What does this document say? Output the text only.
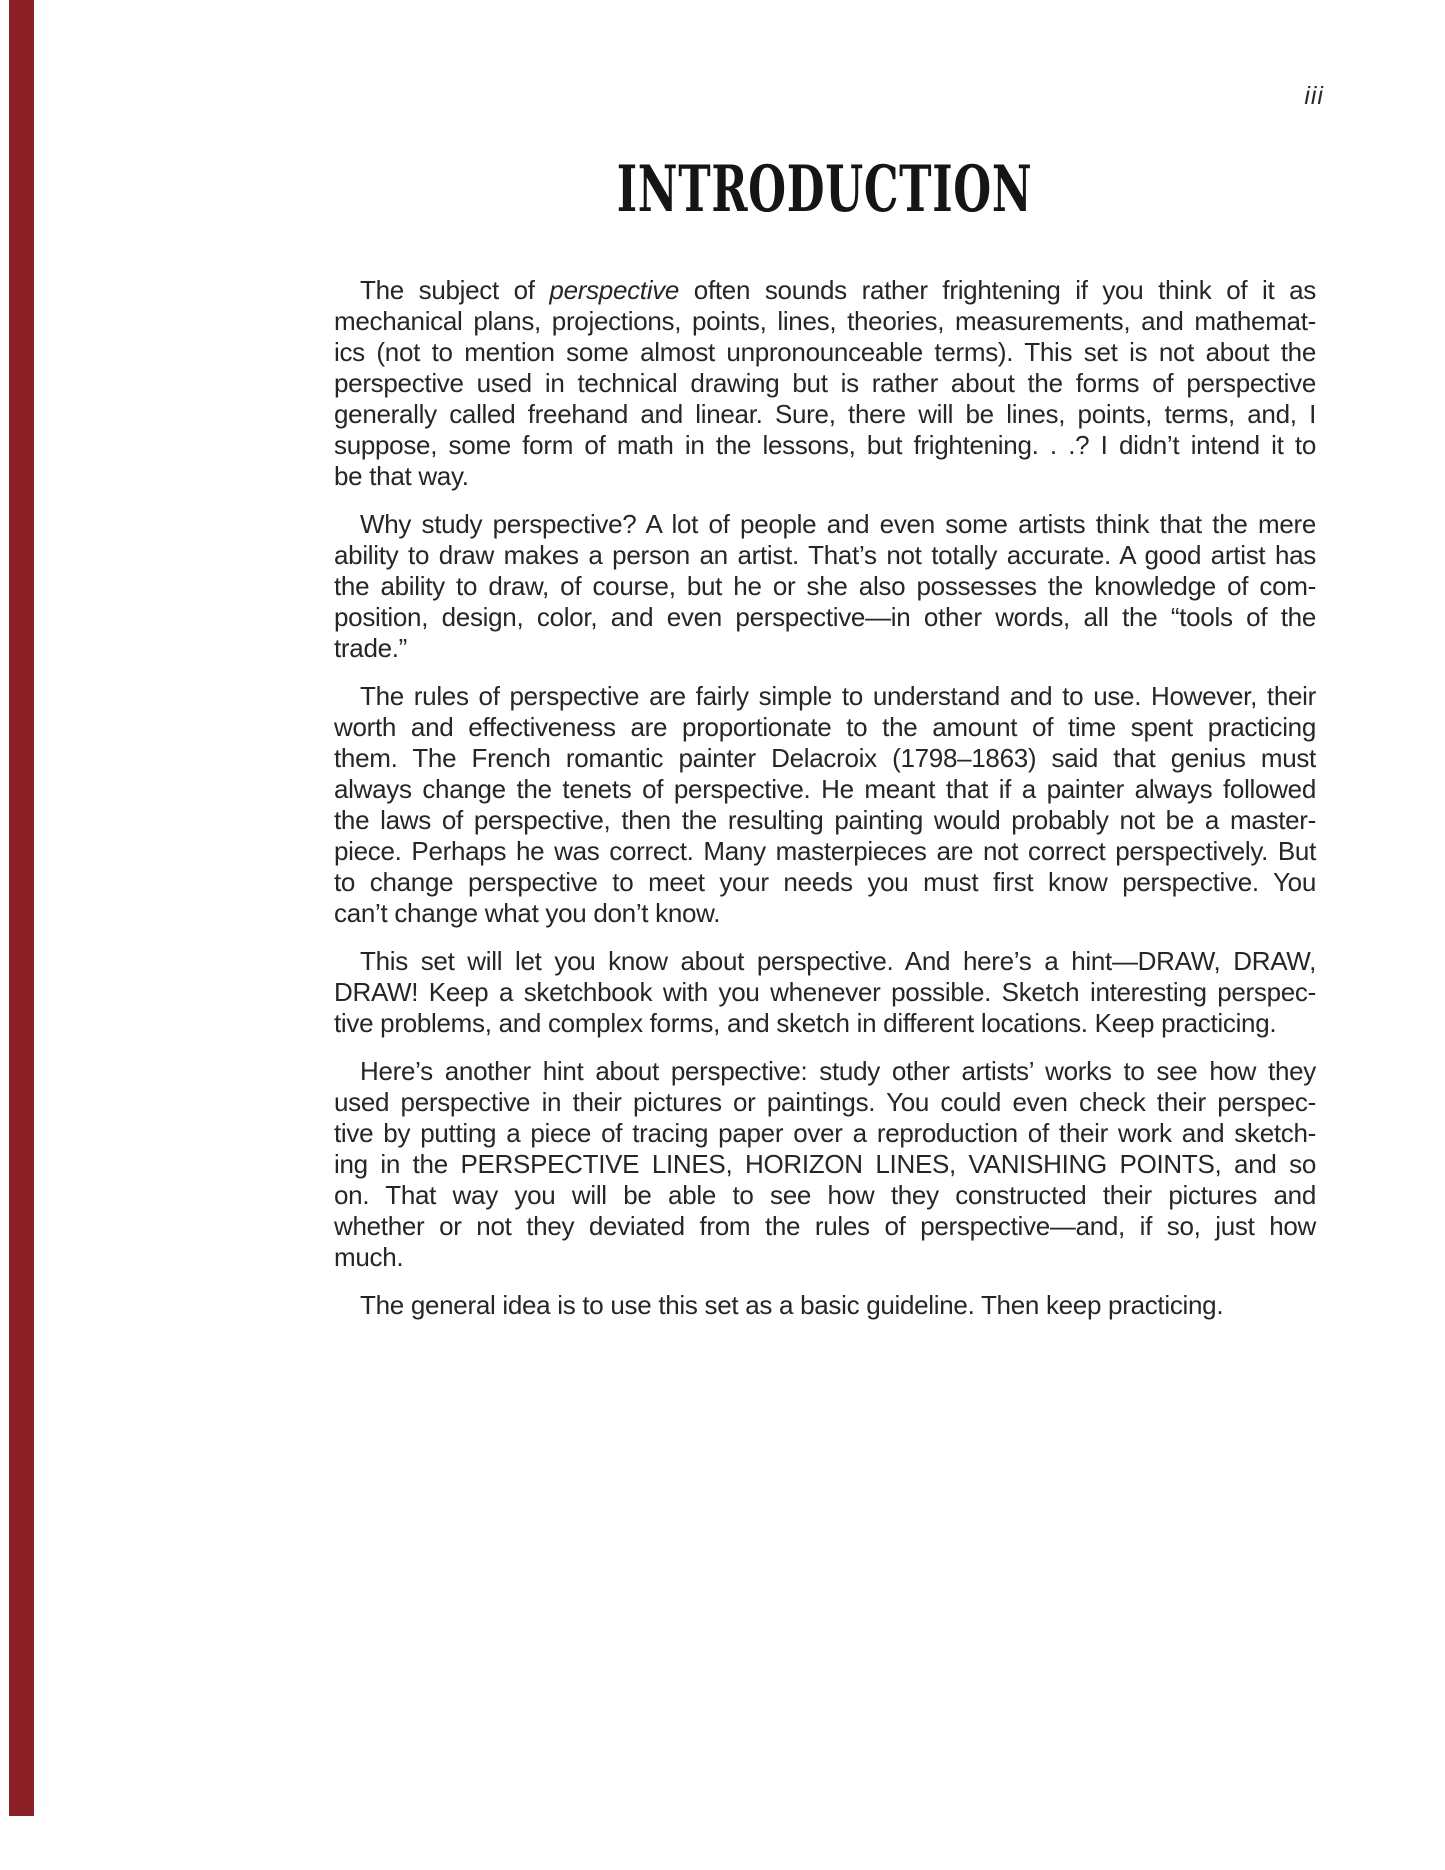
iii
INTRODUCTION
The subject of perspective often sounds rather frightening if you think of it as
mechanical plans, projections, points, lines, theories, measurements, and mathemat-
ics (not to mention some almost unpronounceable terms). This set is not about the
perspective used in technical drawing but is rather about the forms of perspective
generally called freehand and linear. Sure, there will be lines, points, terms, and, I
suppose, some form of math in the lessons, but frightening. . .? I didn’t intend it to
be that way.
Why study perspective? A lot of people and even some artists think that the mere
ability to draw makes a person an artist. That’s not totally accurate. A good artist has
the ability to draw, of course, but he or she also possesses the knowledge of com-
position, design, color, and even perspective—in other words, all the “tools of the
trade.”
The rules of perspective are fairly simple to understand and to use. However, their
worth and effectiveness are proportionate to the amount of time spent practicing
them. The French romantic painter Delacroix (1798–1863) said that genius must
always change the tenets of perspective. He meant that if a painter always followed
the laws of perspective, then the resulting painting would probably not be a master-
piece. Perhaps he was correct. Many masterpieces are not correct perspectively. But
to change perspective to meet your needs you must first know perspective. You
can’t change what you don’t know.
This set will let you know about perspective. And here’s a hint—DRAW, DRAW,
DRAW! Keep a sketchbook with you whenever possible. Sketch interesting perspec-
tive problems, and complex forms, and sketch in different locations. Keep practicing.
Here’s another hint about perspective: study other artists’ works to see how they
used perspective in their pictures or paintings. You could even check their perspec-
tive by putting a piece of tracing paper over a reproduction of their work and sketch-
ing in the PERSPECTIVE LINES, HORIZON LINES, VANISHING POINTS, and so
on. That way you will be able to see how they constructed their pictures and
whether or not they deviated from the rules of perspective—and, if so, just how
much.
The general idea is to use this set as a basic guideline. Then keep practicing.
